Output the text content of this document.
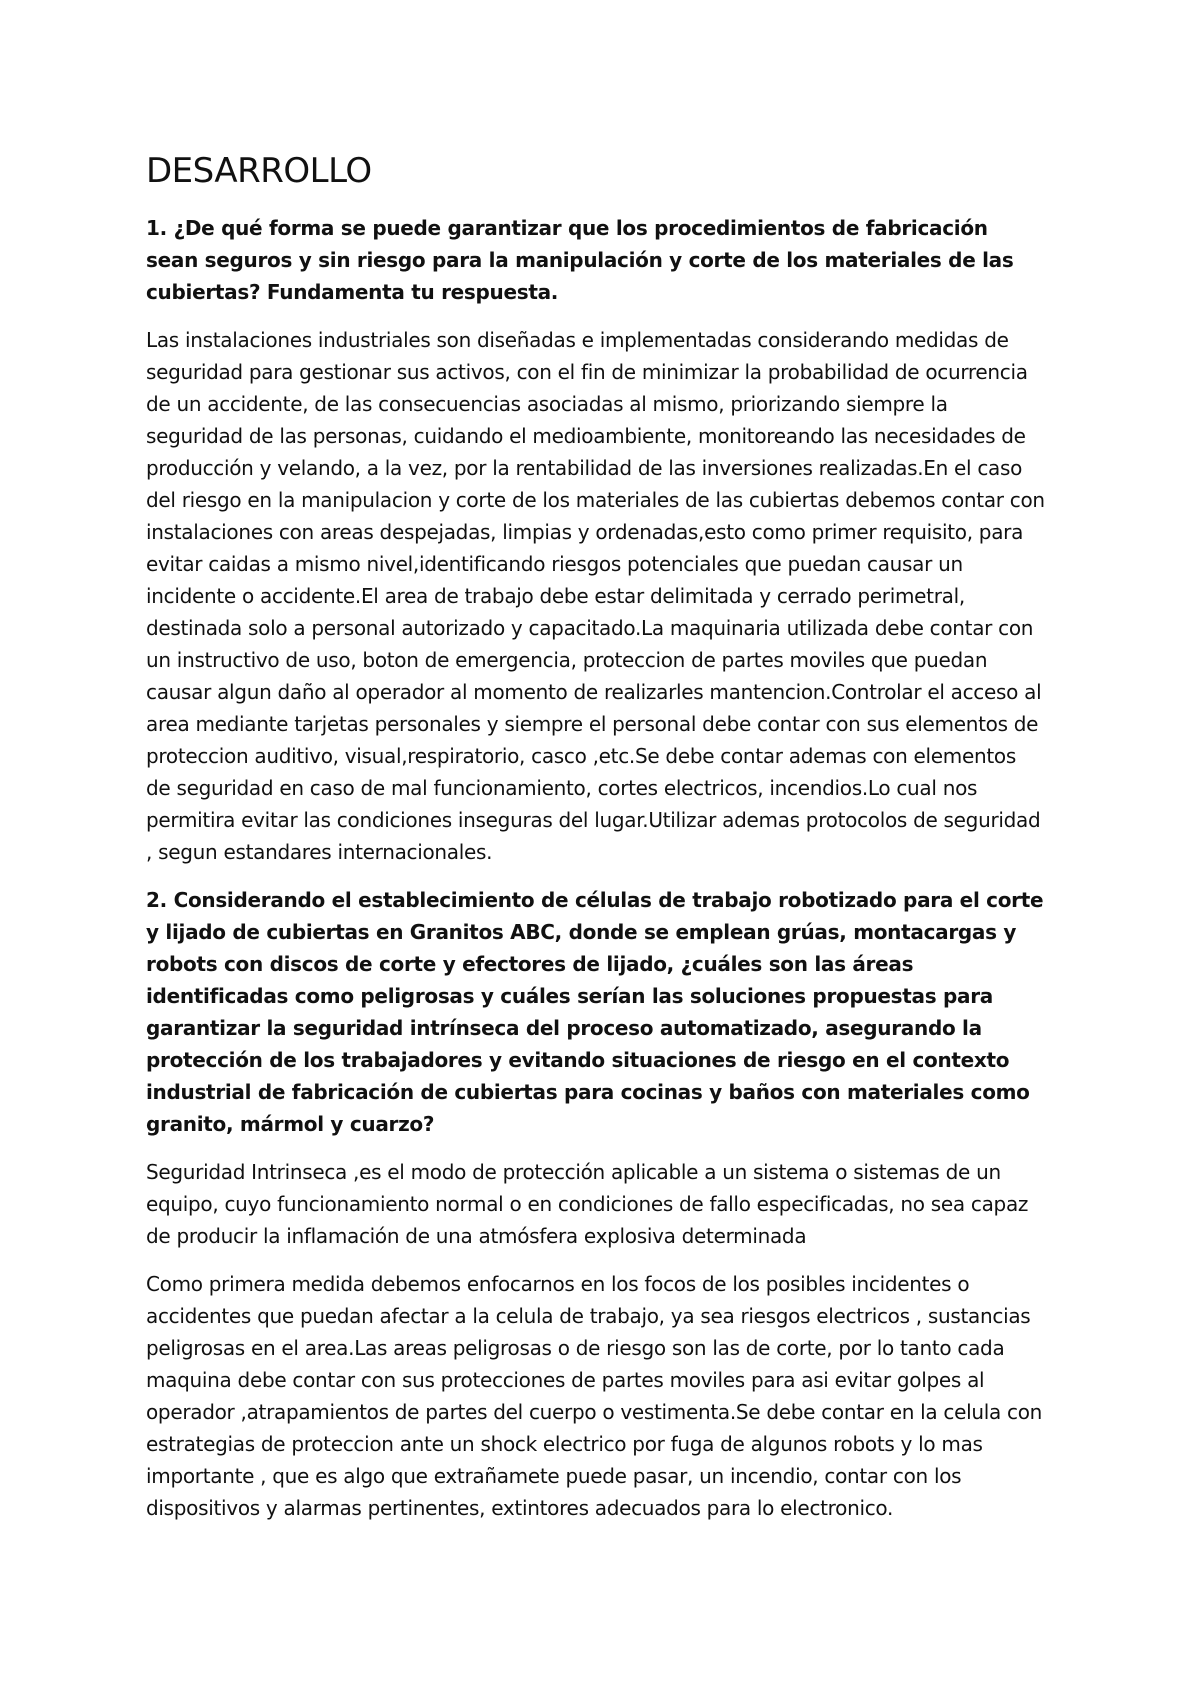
DESARROLLO

1. ¿De qué forma se puede garantizar que los procedimientos de fabricación sean seguros y sin riesgo para la manipulación y corte de los materiales de las cubiertas? Fundamenta tu respuesta.

Las instalaciones industriales son diseñadas e implementadas considerando medidas de seguridad para gestionar sus activos, con el fin de minimizar la probabilidad de ocurrencia de un accidente, de las consecuencias asociadas al mismo, priorizando siempre la seguridad de las personas, cuidando el medioambiente, monitoreando las necesidades de producción y velando, a la vez, por la rentabilidad de las inversiones realizadas.En el caso del riesgo en la manipulacion y corte de los materiales de las cubiertas debemos contar con instalaciones con areas despejadas, limpias y ordenadas,esto como primer requisito, para evitar caidas a mismo nivel,identificando riesgos potenciales que puedan causar un incidente o accidente.El area de trabajo debe estar delimitada y cerrado perimetral, destinada solo a personal autorizado y capacitado.La maquinaria utilizada debe contar con un instructivo de uso, boton de emergencia, proteccion de partes moviles que puedan causar algun daño al operador al momento de realizarles mantencion.Controlar el acceso al area mediante tarjetas personales y siempre el personal debe contar con sus elementos de proteccion auditivo, visual,respiratorio, casco ,etc.Se debe contar ademas con elementos de seguridad en caso de mal funcionamiento, cortes electricos, incendios.Lo cual nos permitira evitar las condiciones inseguras del lugar.Utilizar ademas protocolos de seguridad , segun estandares internacionales.

2. Considerando el establecimiento de células de trabajo robotizado para el corte y lijado de cubiertas en Granitos ABC, donde se emplean grúas, montacargas y robots con discos de corte y efectores de lijado, ¿cuáles son las áreas identificadas como peligrosas y cuáles serían las soluciones propuestas para garantizar la seguridad intrínseca del proceso automatizado, asegurando la protección de los trabajadores y evitando situaciones de riesgo en el contexto industrial de fabricación de cubiertas para cocinas y baños con materiales como granito, mármol y cuarzo?

Seguridad Intrinseca ,es el modo de protección aplicable a un sistema o sistemas de un equipo, cuyo funcionamiento normal o en condiciones de fallo especificadas, no sea capaz de producir la inflamación de una atmósfera explosiva determinada

Como primera medida debemos enfocarnos en los focos de los posibles incidentes o accidentes que puedan afectar a la celula de trabajo, ya sea riesgos electricos , sustancias peligrosas en el area.Las areas peligrosas o de riesgo son las de corte, por lo tanto cada maquina debe contar con sus protecciones de partes moviles para asi evitar golpes al operador ,atrapamientos de partes del cuerpo o vestimenta.Se debe contar en la celula con estrategias de proteccion ante un shock electrico por fuga de algunos robots y lo mas importante , que es algo que extrañamete puede pasar, un incendio, contar con los dispositivos y alarmas pertinentes, extintores adecuados para lo electronico.
